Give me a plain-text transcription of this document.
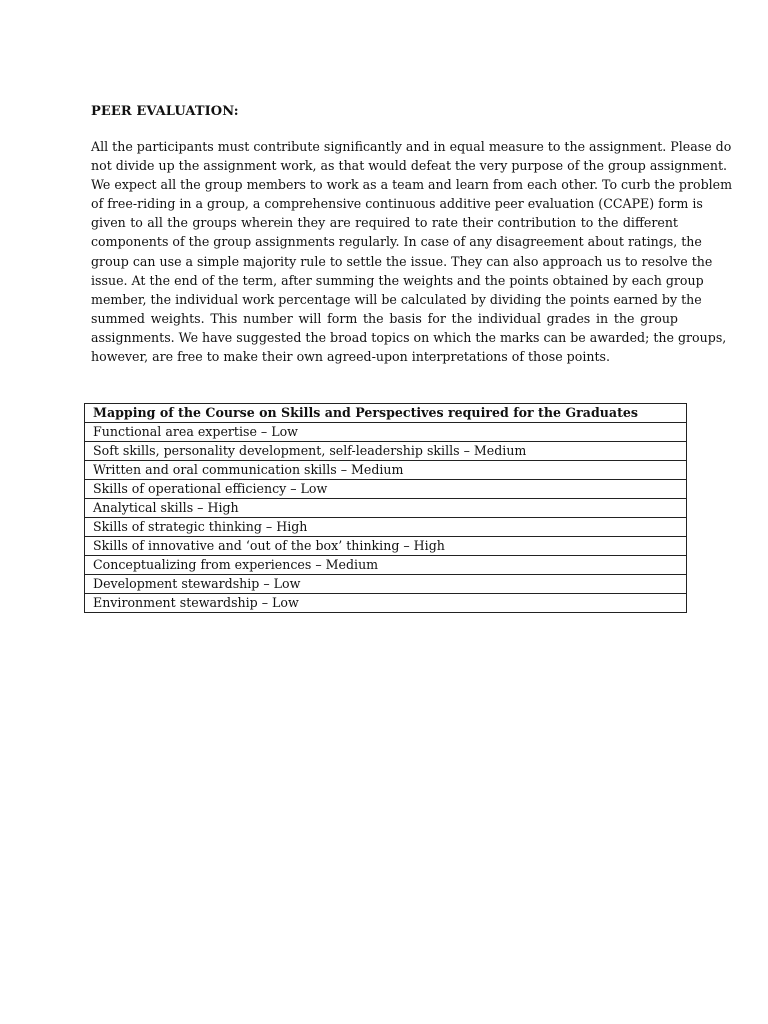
PEER EVALUATION:
All the participants must contribute significantly and in equal measure to the assignment. Please do
not divide up the assignment work, as that would defeat the very purpose of the group assignment.
We expect all the group members to work as a team and learn from each other. To curb the problem
of free-riding in a group, a comprehensive continuous additive peer evaluation (CCAPE) form is
given to all the groups wherein they are required to rate their contribution to the different
components of the group assignments regularly. In case of any disagreement about ratings, the
group can use a simple majority rule to settle the issue. They can also approach us to resolve the
issue. At the end of the term, after summing the weights and the points obtained by each group
member, the individual work percentage will be calculated by dividing the points earned by the
summed weights. This number will form the basis for the individual grades in the group
assignments. We have suggested the broad topics on which the marks can be awarded; the groups,
however, are free to make their own agreed-upon interpretations of those points.
Mapping of the Course on Skills and Perspectives required for the Graduates
Functional area expertise – Low
Soft skills, personality development, self-leadership skills – Medium
Written and oral communication skills – Medium
Skills of operational efficiency – Low
Analytical skills – High
Skills of strategic thinking – High
Skills of innovative and ‘out of the box’ thinking – High
Conceptualizing from experiences – Medium
Development stewardship – Low
Environment stewardship – Low
